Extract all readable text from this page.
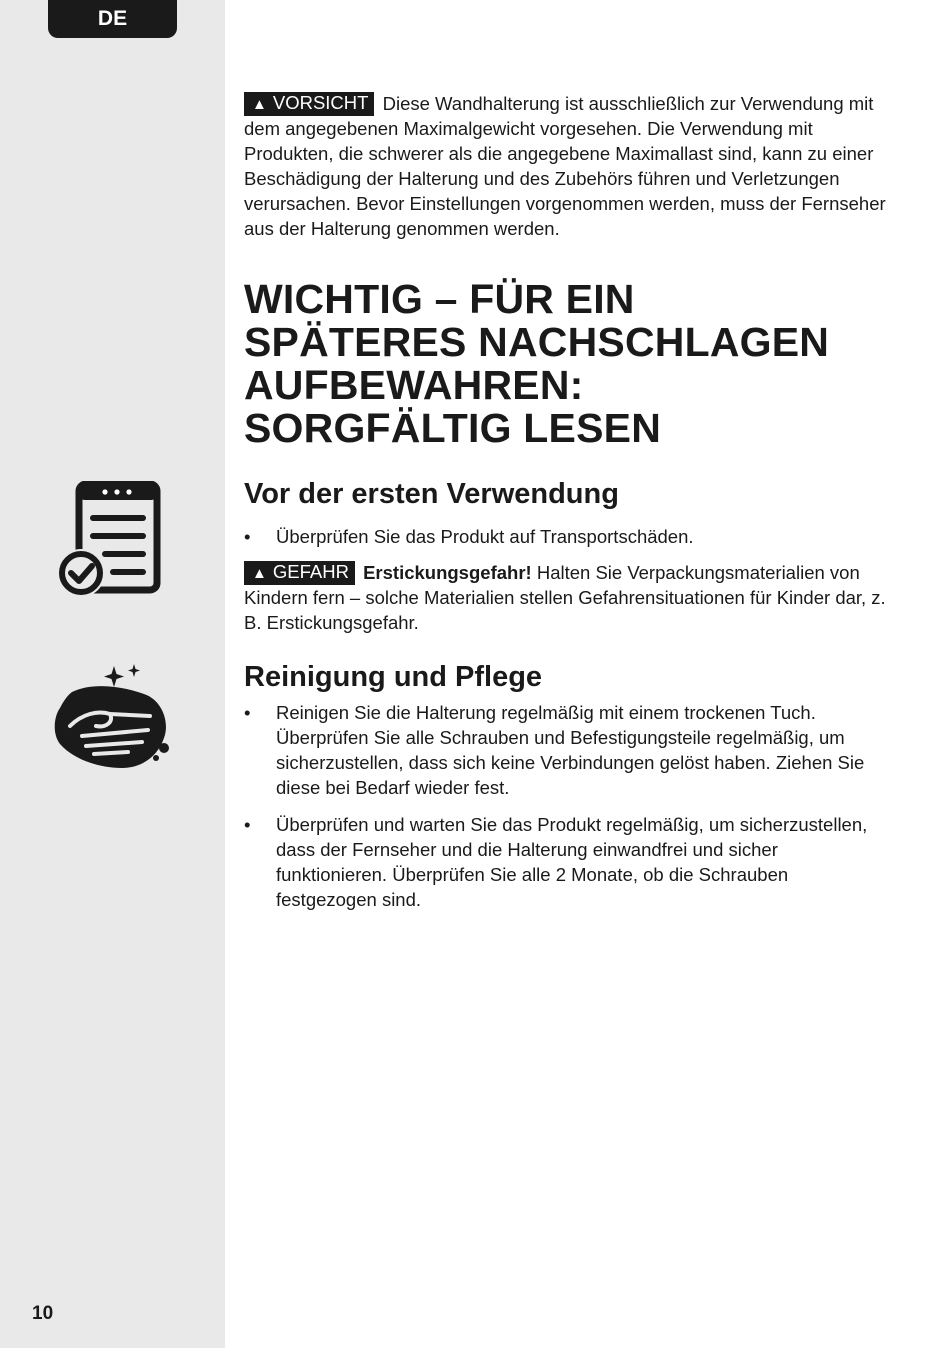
DE
10

▲ VORSICHT Diese Wandhalterung ist ausschließlich zur Verwendung mit dem angegebenen Maximalgewicht vorgesehen. Die Verwendung mit Produkten, die schwerer als die angegebene Maximallast sind, kann zu einer Beschädigung der Halterung und des Zubehörs führen und Verletzungen verursachen. Bevor Einstellungen vorgenommen werden, muss der Fernseher aus der Halterung genommen werden.

WICHTIG – FÜR EIN
SPÄTERES NACHSCHLAGEN
AUFBEWAHREN:
SORGFÄLTIG LESEN
Vor der ersten Verwendung
•	Überprüfen Sie das Produkt auf Transportschäden.

▲ GEFAHR Erstickungsgefahr! Halten Sie Verpackungsmaterialien von Kindern fern – solche Materialien stellen Gefahrensituationen für Kinder dar, z. B. Erstickungsgefahr.

Reinigung und Pflege
•	Reinigen Sie die Halterung regelmäßig mit einem trockenen Tuch. Überprüfen Sie alle Schrauben und Befestigungsteile regelmäßig, um sicherzustellen, dass sich keine Verbindungen gelöst haben. Ziehen Sie diese bei Bedarf wieder fest.
•	Überprüfen und warten Sie das Produkt regelmäßig, um sicherzustellen, dass der Fernseher und die Halterung einwandfrei und sicher funktionieren. Überprüfen Sie alle 2 Monate, ob die Schrauben festgezogen sind.
